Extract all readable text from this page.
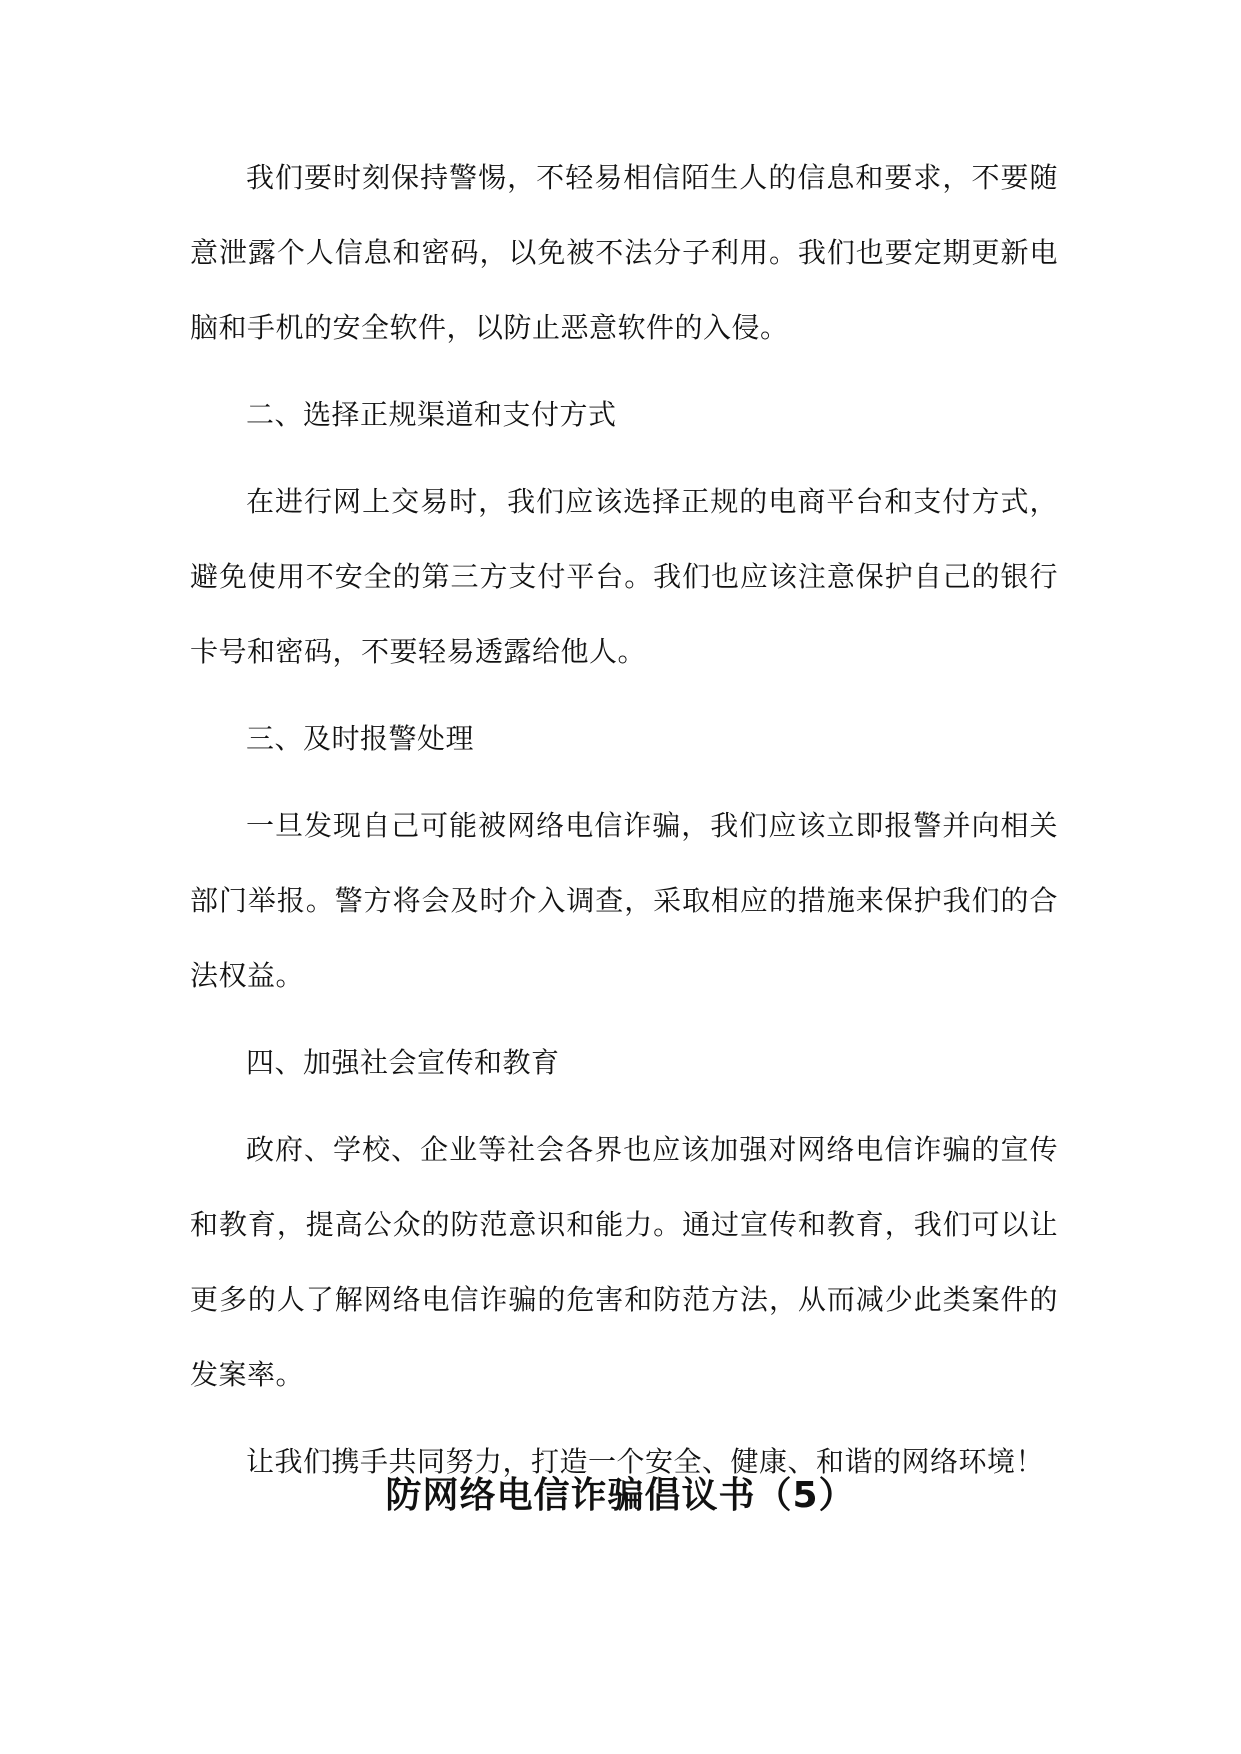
我们要时刻保持警惕，不轻易相信陌生人的信息和要求，不要随意泄露个人信息和密码，以免被不法分子利用。我们也要定期更新电脑和手机的安全软件，以防止恶意软件的入侵。

二、选择正规渠道和支付方式

在进行网上交易时，我们应该选择正规的电商平台和支付方式，避免使用不安全的第三方支付平台。我们也应该注意保护自己的银行卡号和密码，不要轻易透露给他人。

三、及时报警处理

一旦发现自己可能被网络电信诈骗，我们应该立即报警并向相关部门举报。警方将会及时介入调查，采取相应的措施来保护我们的合法权益。

四、加强社会宣传和教育

政府、学校、企业等社会各界也应该加强对网络电信诈骗的宣传和教育，提高公众的防范意识和能力。通过宣传和教育，我们可以让更多的人了解网络电信诈骗的危害和防范方法，从而减少此类案件的发案率。

让我们携手共同努力，打造一个安全、健康、和谐的网络环境！

防网络电信诈骗倡议书（5）
